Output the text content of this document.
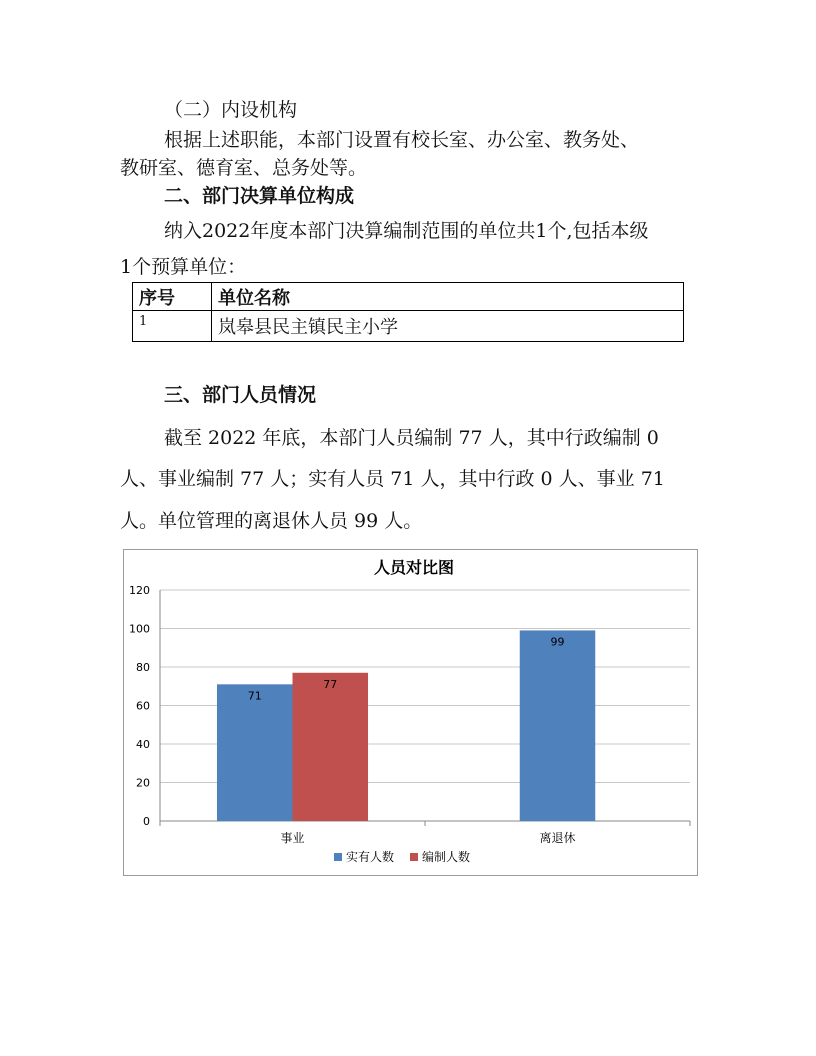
（二）内设机构
根据上述职能，本部门设置有校长室、办公室、教务处、
教研室、德育室、总务处等。
二、部门决算单位构成
纳入2022年度本部门决算编制范围的单位共1个,包括本级
1个预算单位：
序号	单位名称
1	岚皋县民主镇民主小学
三、部门人员情况
截至 2022 年底，本部门人员编制 77 人，其中行政编制 0
人、事业编制 77 人；实有人员 71 人，其中行政 0 人、事业 71
人。单位管理的离退休人员 99 人。
人员对比图
0
20
40
60
80
100
120
事业
71
77
离退休
99
实有人数 编制人数
